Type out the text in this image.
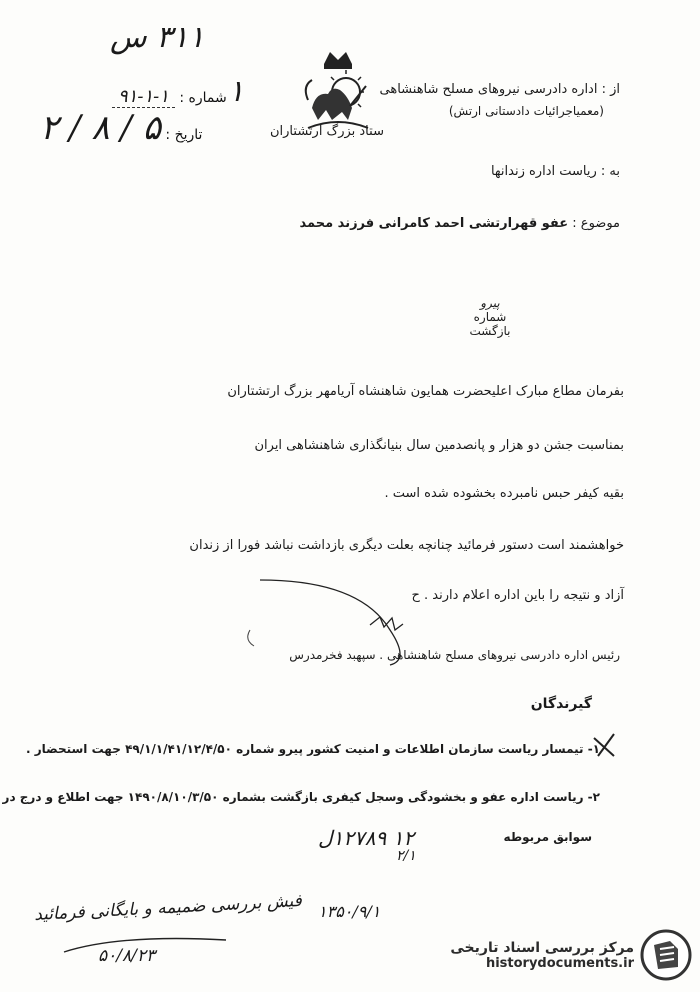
۳۱۱ س
۱
شماره : ۱-۱-۹۱
تاریخ : ۵ / ۸ / ۲
از : اداره دادرسی نیروهای مسلح شاهنشاهی
(معمیاجرائیات دادستانی ارتش)
ستاد بزرگ ارتشتاران
به : ریاست اداره زندانها
موضوع : عفو قهرارتشی احمد کامرانی فرزند محمد
پیرو
شماره
بازگشت
بفرمان مطاع مبارک اعلیحضرت همایون شاهنشاه آریامهر بزرگ ارتشتاران
بمناسبت جشن دو هزار و پانصدمین سال بنیانگذاری شاهنشاهی ایران
بقیه کیفر حبس نامبرده بخشوده شده است .
خواهشمند است دستور فرمائید چنانچه بعلت دیگری بازداشت نباشد فورا از زندان
آزاد و نتیجه را باین اداره اعلام دارند . ح
رئیس اداره دادرسی نیروهای مسلح شاهنشاهی . سپهبد فخرمدرس
گیرندگان
۱- تیمسار ریاست سازمان اطلاعات و امنیت کشور پیرو شماره ۴۹/۱/۱/۴۱/۱۲/۴/۵۰ جهت استحضار .
۲- ریاست اداره عفو و بخشودگی وسجل کیفری بازگشت بشماره ۱۴۹۰/۸/۱۰/۳/۵۰ جهت اطلاع و درج در
سوابق مربوطه
۱۲ ۱۲۷۸۹ل
۲/۱
۱۳۵۰/۹/۱
فیش بررسی ضمیمه و بایگانی فرمائید
۵۰/۸/۲۳	مرکز بررسی اسناد تاریخی
historydocuments.ir
